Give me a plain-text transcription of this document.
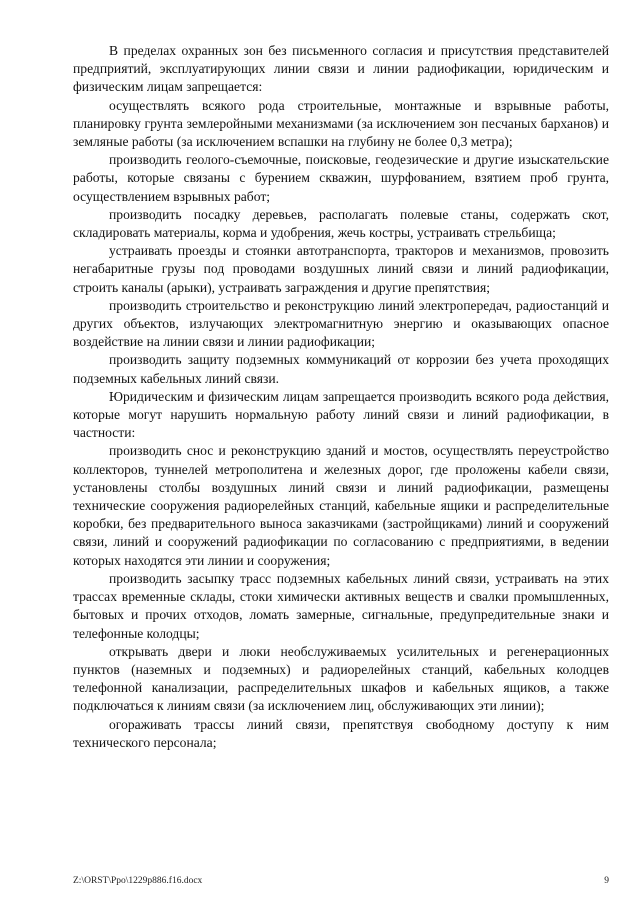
В пределах охранных зон без письменного согласия и присутствия представителей предприятий, эксплуатирующих линии связи и линии радиофикации, юридическим и физическим лицам запрещается:

осуществлять всякого рода строительные, монтажные и взрывные работы, планировку грунта землеройными механизмами (за исключением зон песчаных барханов) и земляные работы (за исключением вспашки на глубину не более 0,3 метра);

производить геолого-съемочные, поисковые, геодезические и другие изыскательские работы, которые связаны с бурением скважин, шурфованием, взятием проб грунта, осуществлением взрывных работ;

производить посадку деревьев, располагать полевые станы, содержать скот, складировать материалы, корма и удобрения, жечь костры, устраивать стрельбища;

устраивать проезды и стоянки автотранспорта, тракторов и механизмов, провозить негабаритные грузы под проводами воздушных линий связи и линий радиофикации, строить каналы (арыки), устраивать заграждения и другие препятствия;

производить строительство и реконструкцию линий электропередач, радиостанций и других объектов, излучающих электромагнитную энергию и оказывающих опасное воздействие на линии связи и линии радиофикации;

производить защиту подземных коммуникаций от коррозии без учета проходящих подземных кабельных линий связи.

Юридическим и физическим лицам запрещается производить всякого рода действия, которые могут нарушить нормальную работу линий связи и линий радиофикации, в частности:

производить снос и реконструкцию зданий и мостов, осуществлять переустройство коллекторов, туннелей метрополитена и железных дорог, где проложены кабели связи, установлены столбы воздушных линий связи и линий радиофикации, размещены технические сооружения радиорелейных станций, кабельные ящики и распределительные коробки, без предварительного выноса заказчиками (застройщиками) линий и сооружений связи, линий и сооружений радиофикации по согласованию с предприятиями, в ведении которых находятся эти линии и сооружения;

производить засыпку трасс подземных кабельных линий связи, устраивать на этих трассах временные склады, стоки химически активных веществ и свалки промышленных, бытовых и прочих отходов, ломать замерные, сигнальные, предупредительные знаки и телефонные колодцы;

открывать двери и люки необслуживаемых усилительных и регенерационных пунктов (наземных и подземных) и радиорелейных станций, кабельных колодцев телефонной канализации, распределительных шкафов и кабельных ящиков, а также подключаться к линиям связи (за исключением лиц, обслуживающих эти линии);

огораживать трассы линий связи, препятствуя свободному доступу к ним технического персонала;

Z:\ORST\Ppo\1229p886.f16.docx	9
